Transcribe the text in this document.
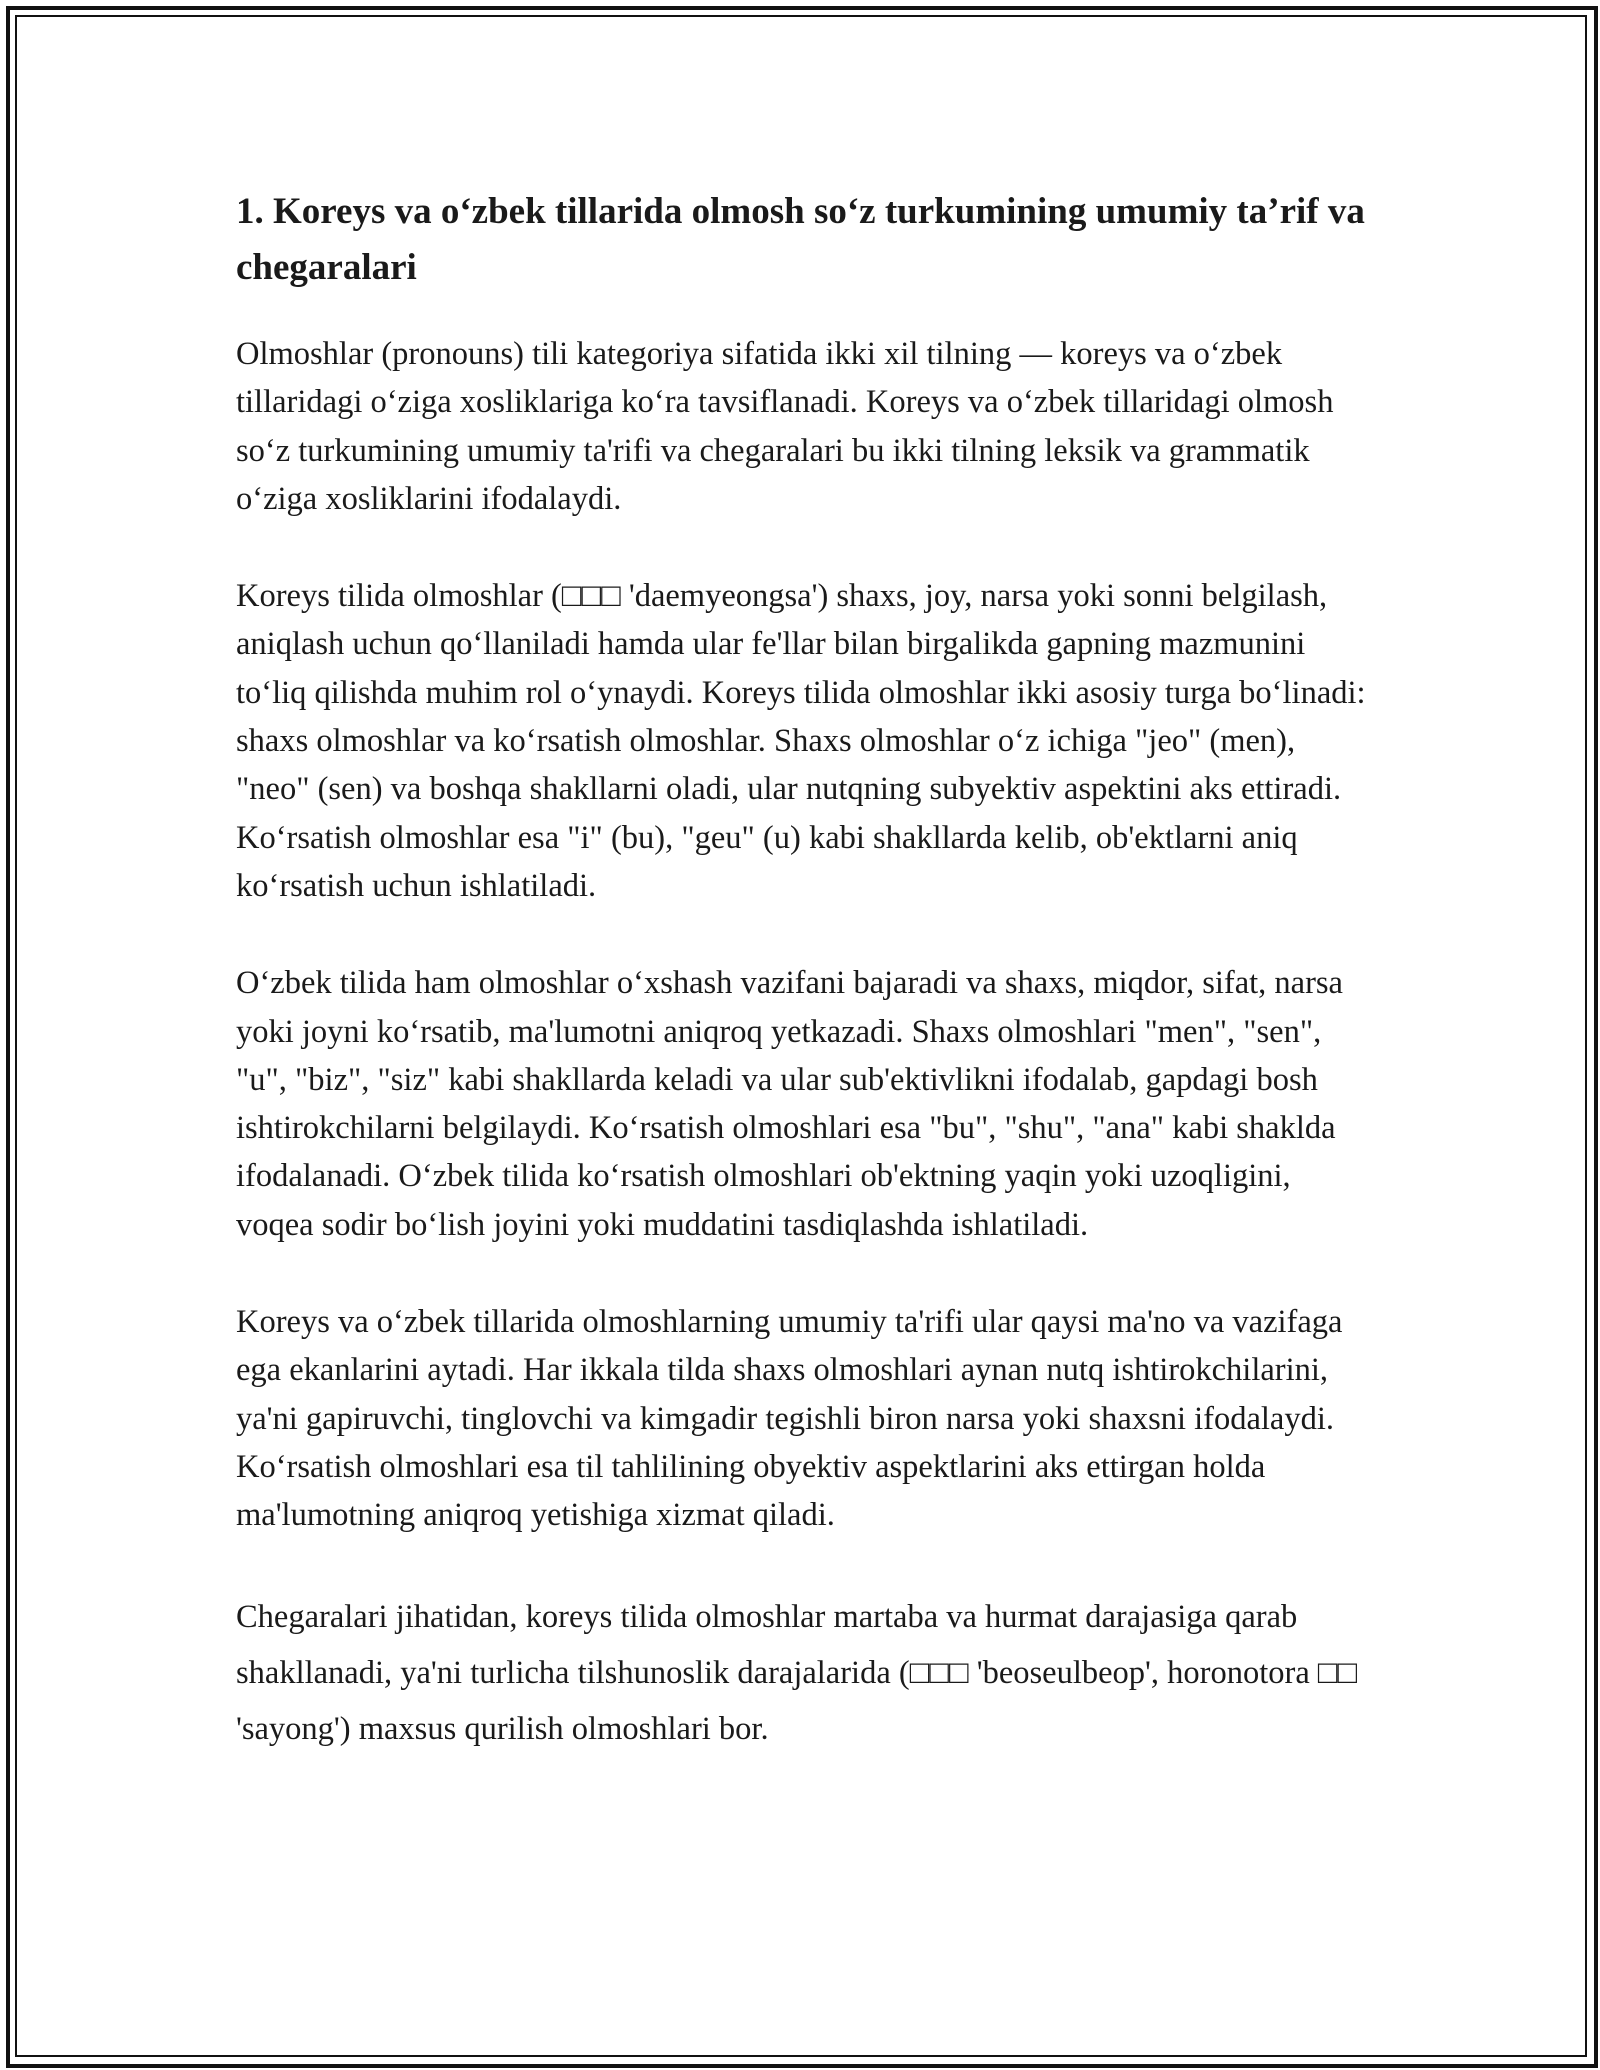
1. Koreys va o‘zbek tillarida olmosh so‘z turkumining umumiy ta’rif va chegaralari

Olmoshlar (pronouns) tili kategoriya sifatida ikki xil tilning — koreys va o‘zbek tillaridagi o‘ziga xosliklariga ko‘ra tavsiflanadi. Koreys va o‘zbek tillaridagi olmosh so‘z turkumining umumiy ta'rifi va chegaralari bu ikki tilning leksik va grammatik o‘ziga xosliklarini ifodalaydi.

Koreys tilida olmoshlar (□□□ 'daemyeongsa') shaxs, joy, narsa yoki sonni belgilash, aniqlash uchun qo‘llaniladi hamda ular fe'llar bilan birgalikda gapning mazmunini to‘liq qilishda muhim rol o‘ynaydi. Koreys tilida olmoshlar ikki asosiy turga bo‘linadi: shaxs olmoshlar va ko‘rsatish olmoshlar. Shaxs olmoshlar o‘z ichiga "jeo" (men), "neo" (sen) va boshqa shakllarni oladi, ular nutqning subyektiv aspektini aks ettiradi. Ko‘rsatish olmoshlar esa "i" (bu), "geu" (u) kabi shakllarda kelib, ob'ektlarni aniq ko‘rsatish uchun ishlatiladi.

O‘zbek tilida ham olmoshlar o‘xshash vazifani bajaradi va shaxs, miqdor, sifat, narsa yoki joyni ko‘rsatib, ma'lumotni aniqroq yetkazadi. Shaxs olmoshlari "men", "sen", "u", "biz", "siz" kabi shakllarda keladi va ular sub'ektivlikni ifodalab, gapdagi bosh ishtirokchilarni belgilaydi. Ko‘rsatish olmoshlari esa "bu", "shu", "ana" kabi shaklda ifodalanadi. O‘zbek tilida ko‘rsatish olmoshlari ob'ektning yaqin yoki uzoqligini, voqea sodir bo‘lish joyini yoki muddatini tasdiqlashda ishlatiladi.

Koreys va o‘zbek tillarida olmoshlarning umumiy ta'rifi ular qaysi ma'no va vazifaga ega ekanlarini aytadi. Har ikkala tilda shaxs olmoshlari aynan nutq ishtirokchilarini, ya'ni gapiruvchi, tinglovchi va kimgadir tegishli biron narsa yoki shaxsni ifodalaydi. Ko‘rsatish olmoshlari esa til tahlilining obyektiv aspektlarini aks ettirgan holda ma'lumotning aniqroq yetishiga xizmat qiladi.

Chegaralari jihatidan, koreys tilida olmoshlar martaba va hurmat darajasiga qarab shakllanadi, ya'ni turlicha tilshunoslik darajalarida (□□□ 'beoseulbeop', horonotora □□ 'sayong') maxsus qurilish olmoshlari bor.
